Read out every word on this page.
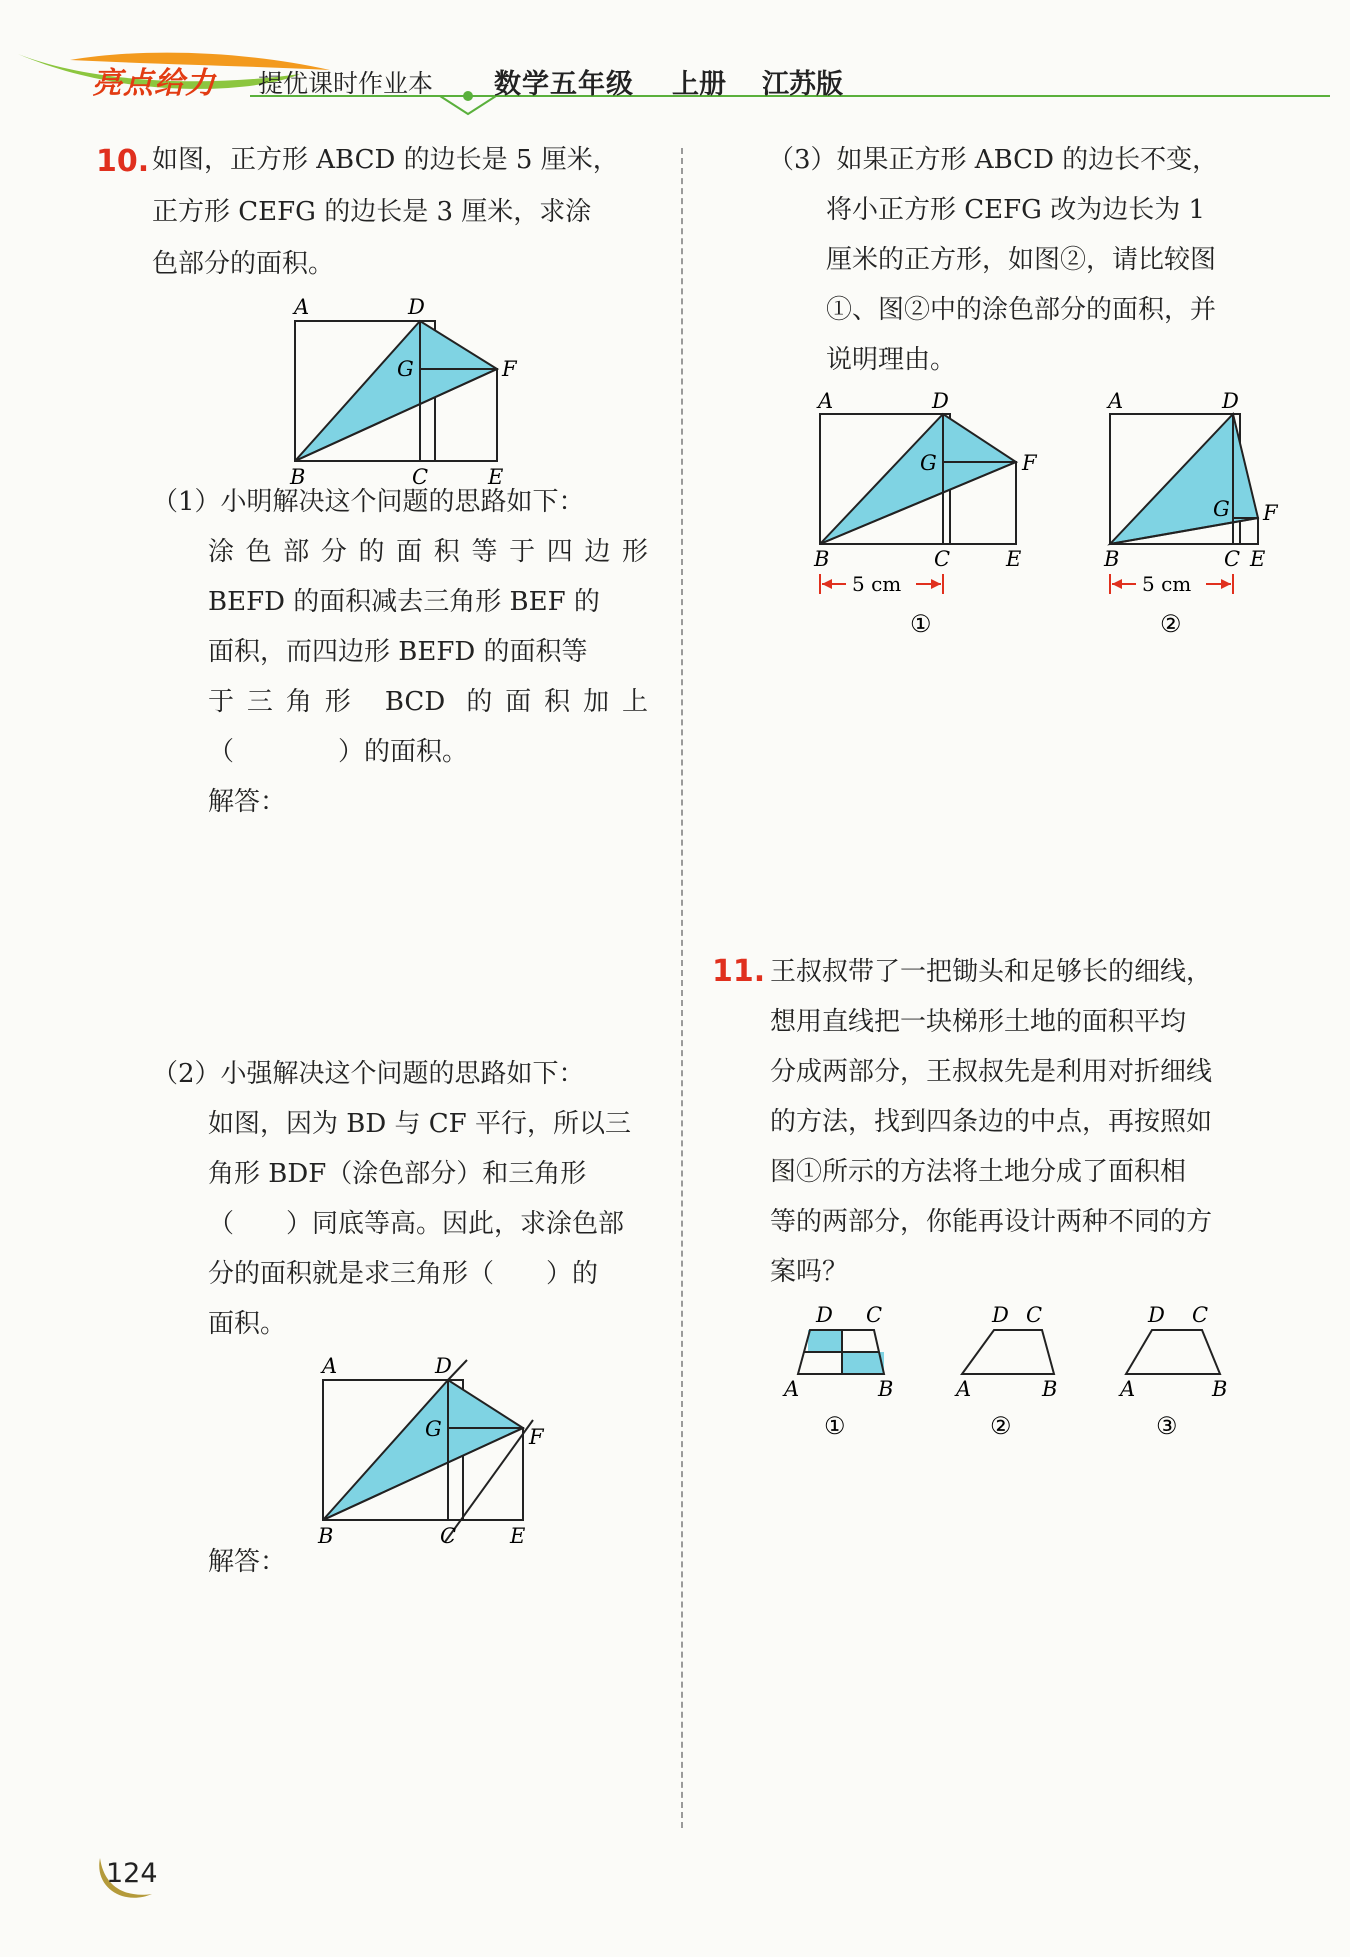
亮点给力 提优课时作业本 数学五年级 上册 江苏版
10. 如图，正方形 ABCD 的边长是 5 厘米，
正方形 CEFG 的边长是 3 厘米，求涂
色部分的面积。
A	D
G	F
B	C	E
（1）小明解决这个问题的思路如下：
涂色部分的面积等于四边形
BEFD 的面积减去三角形 BEF 的
面积，而四边形 BEFD 的面积等
于三角形 BCD 的面积加上
（　　　　）的面积。
解答：
（2）小强解决这个问题的思路如下：
如图，因为 BD 与 CF 平行，所以三
角形 BDF（涂色部分）和三角形
（　　）同底等高。因此，求涂色部
分的面积就是求三角形（　　）的
面积。
A	D
G	F
B	C	E
解答：
（3）如果正方形 ABCD 的边长不变，
将小正方形 CEFG 改为边长为 1
厘米的正方形，如图②，请比较图
①、图②中的涂色部分的面积，并
说明理由。
A	D
G	F
B	C	E
5 cm
①
A	D
G F
B	C E
5 cm
②
11. 王叔叔带了一把锄头和足够长的细线，
想用直线把一块梯形土地的面积平均
分成两部分，王叔叔先是利用对折细线
的方法，找到四条边的中点，再按照如
图①所示的方法将土地分成了面积相
等的两部分，你能再设计两种不同的方
案吗？
D C
A	B
①
D C
A	B
②
D C
A	B
③
124
